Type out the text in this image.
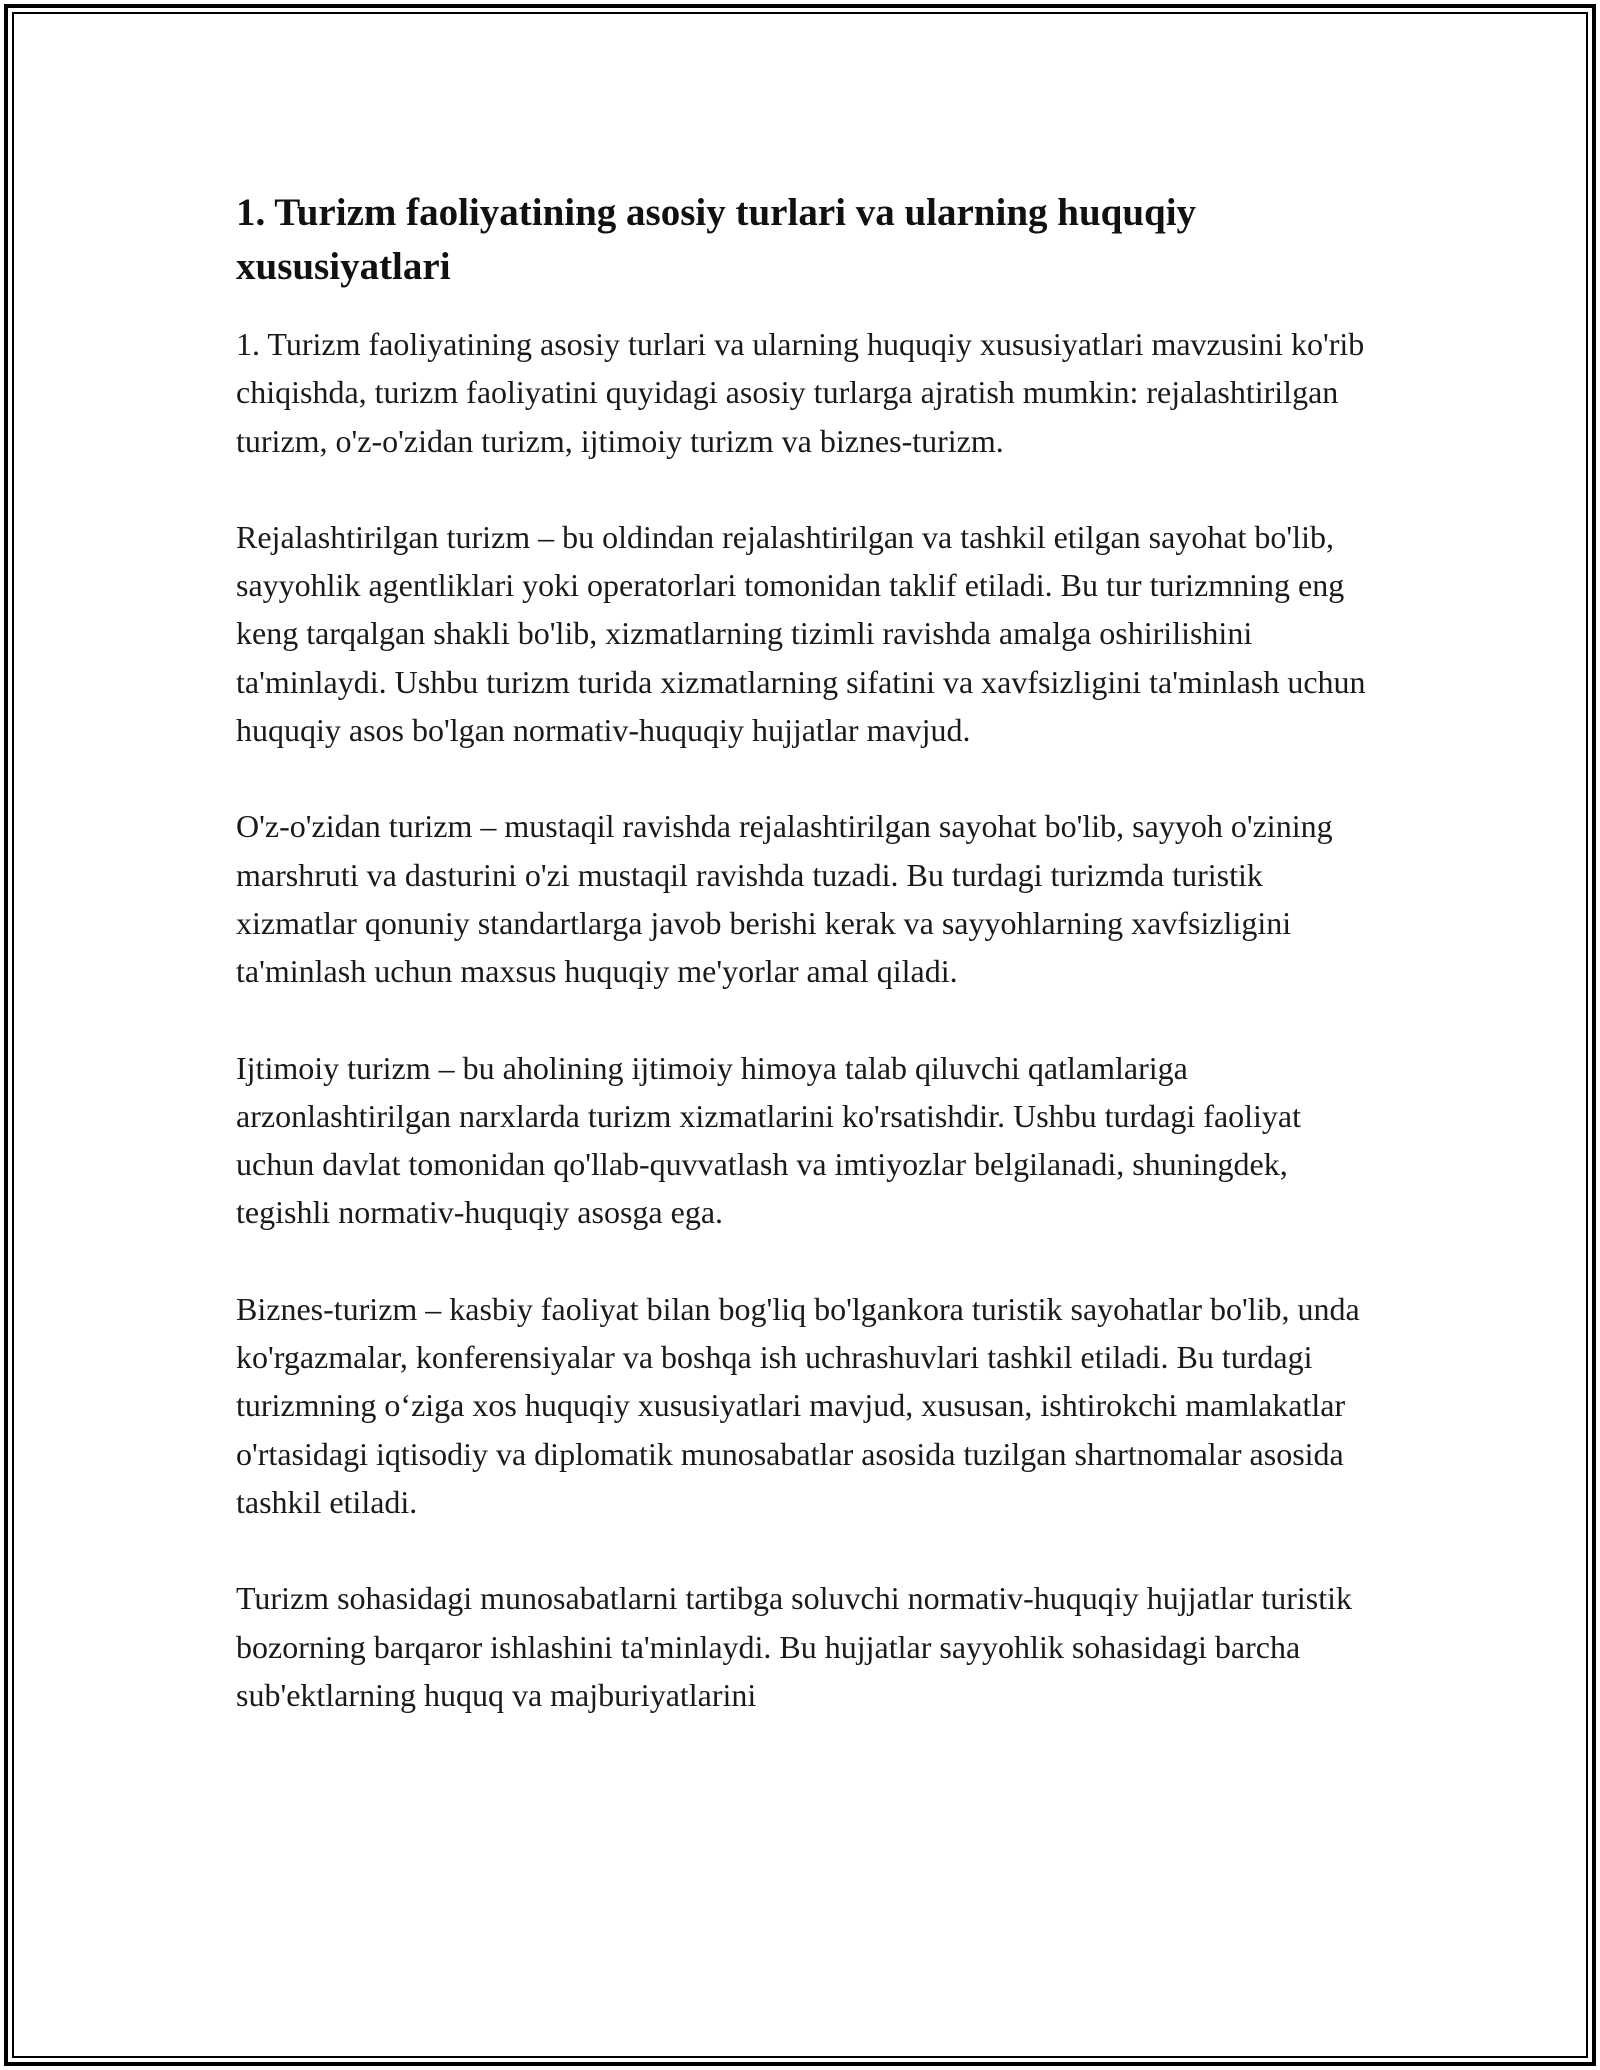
1. Turizm faoliyatining asosiy turlari va ularning huquqiy xususiyatlari

1. Turizm faoliyatining asosiy turlari va ularning huquqiy xususiyatlari mavzusini ko'rib chiqishda, turizm faoliyatini quyidagi asosiy turlarga ajratish mumkin: rejalashtirilgan turizm, o'z-o'zidan turizm, ijtimoiy turizm va biznes-turizm.

Rejalashtirilgan turizm – bu oldindan rejalashtirilgan va tashkil etilgan sayohat bo'lib, sayyohlik agentliklari yoki operatorlari tomonidan taklif etiladi. Bu tur turizmning eng keng tarqalgan shakli bo'lib, xizmatlarning tizimli ravishda amalga oshirilishini ta'minlaydi. Ushbu turizm turida xizmatlarning sifatini va xavfsizligini ta'minlash uchun huquqiy asos bo'lgan normativ-huquqiy hujjatlar mavjud.

O'z-o'zidan turizm – mustaqil ravishda rejalashtirilgan sayohat bo'lib, sayyoh o'zining marshruti va dasturini o'zi mustaqil ravishda tuzadi. Bu turdagi turizmda turistik xizmatlar qonuniy standartlarga javob berishi kerak va sayyohlarning xavfsizligini ta'minlash uchun maxsus huquqiy me'yorlar amal qiladi.

Ijtimoiy turizm – bu aholining ijtimoiy himoya talab qiluvchi qatlamlariga arzonlashtirilgan narxlarda turizm xizmatlarini ko'rsatishdir. Ushbu turdagi faoliyat uchun davlat tomonidan qo'llab-quvvatlash va imtiyozlar belgilanadi, shuningdek, tegishli normativ-huquqiy asosga ega.

Biznes-turizm – kasbiy faoliyat bilan bog'liq bo'lgankora turistik sayohatlar bo'lib, unda ko'rgazmalar, konferensiyalar va boshqa ish uchrashuvlari tashkil etiladi. Bu turdagi turizmning oʻziga xos huquqiy xususiyatlari mavjud, xususan, ishtirokchi mamlakatlar o'rtasidagi iqtisodiy va diplomatik munosabatlar asosida tuzilgan shartnomalar asosida tashkil etiladi.

Turizm sohasidagi munosabatlarni tartibga soluvchi normativ-huquqiy hujjatlar turistik bozorning barqaror ishlashini ta'minlaydi. Bu hujjatlar sayyohlik sohasidagi barcha sub'ektlarning huquq va majburiyatlarini
